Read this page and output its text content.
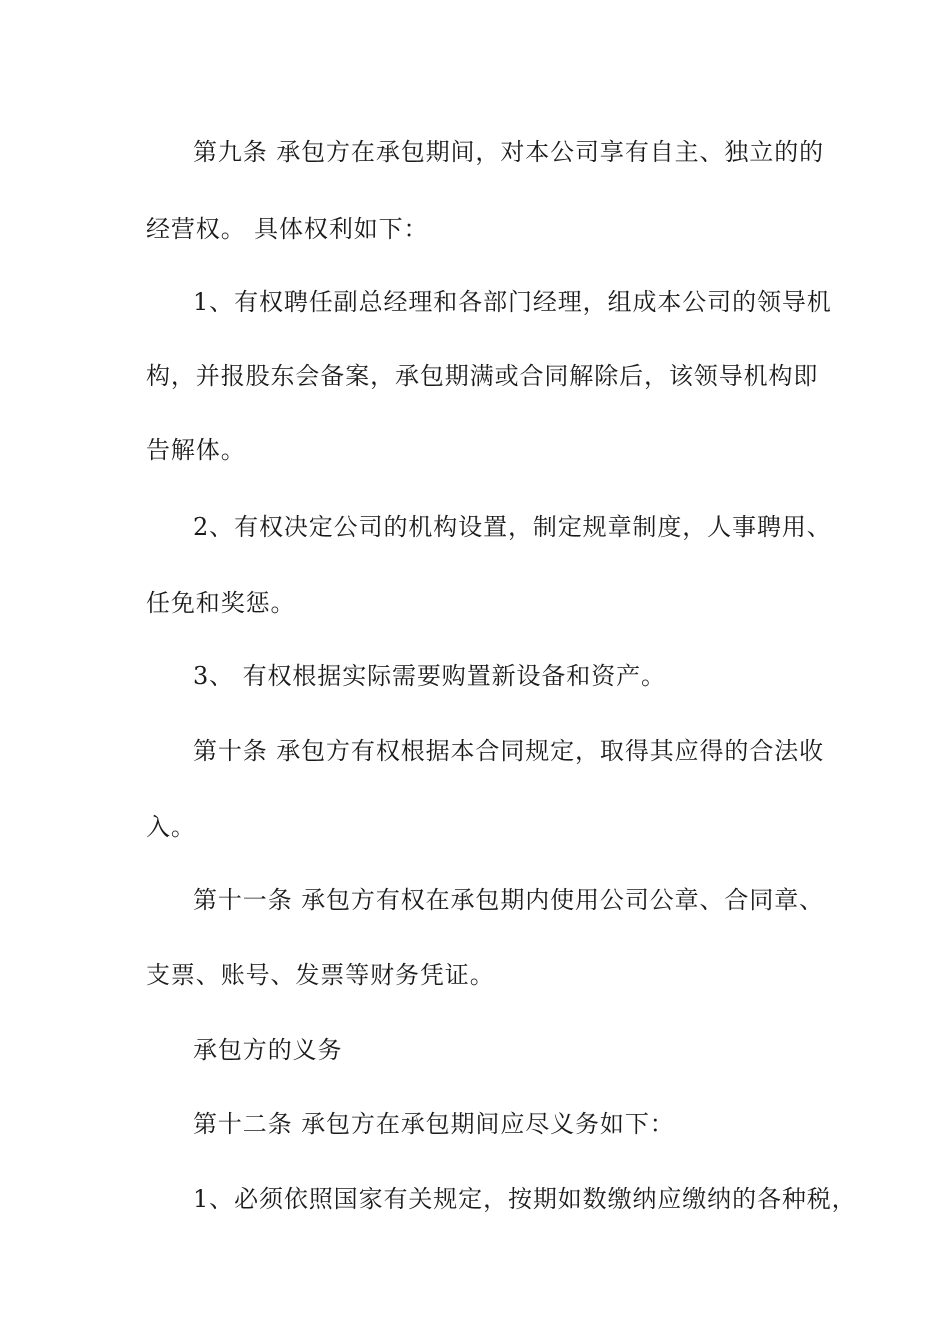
第九条 承包方在承包期间，对本公司享有自主、独立的的
经营权。 具体权利如下：
1、有权聘任副总经理和各部门经理，组成本公司的领导机
构，并报股东会备案，承包期满或合同解除后，该领导机构即
告解体。
2、有权决定公司的机构设置，制定规章制度，人事聘用、
任免和奖惩。
3、 有权根据实际需要购置新设备和资产。
第十条 承包方有权根据本合同规定，取得其应得的合法收
入。
第十一条 承包方有权在承包期内使用公司公章、合同章、
支票、账号、发票等财务凭证。
承包方的义务
第十二条 承包方在承包期间应尽义务如下：
1、必须依照国家有关规定，按期如数缴纳应缴纳的各种税，
